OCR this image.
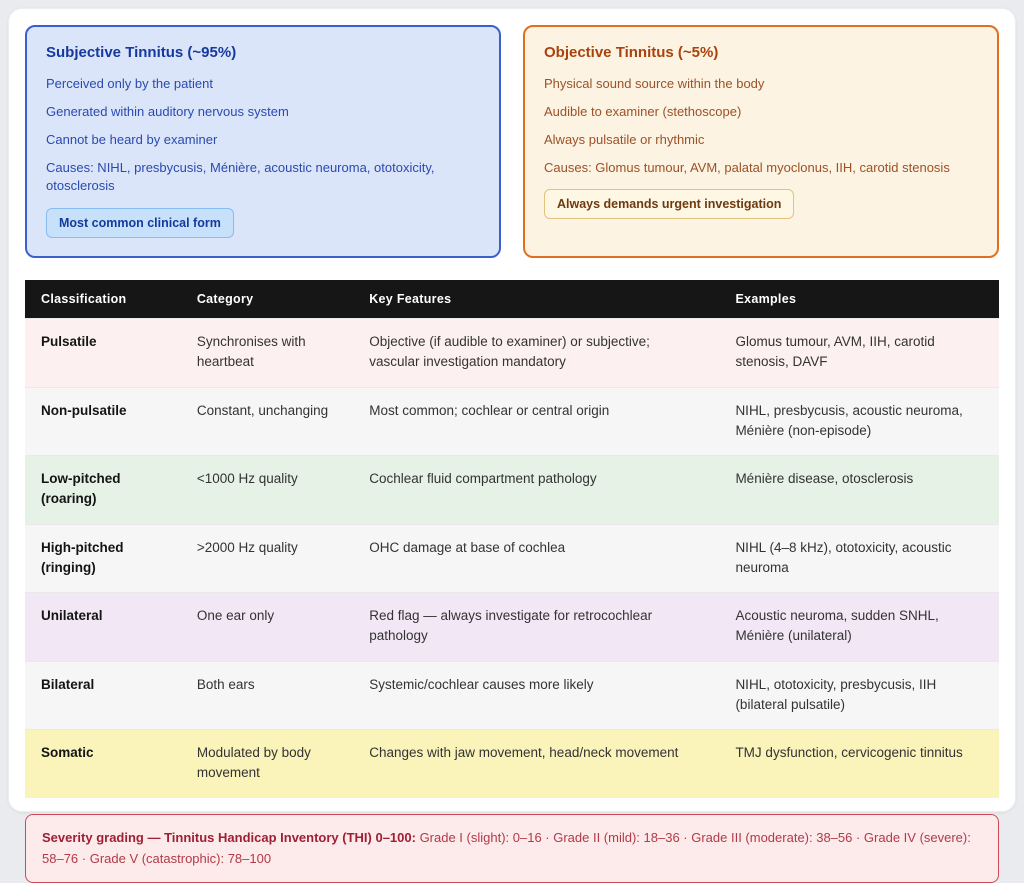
Subjective Tinnitus (~95%)

Perceived only by the patient

Generated within auditory nervous system

Cannot be heard by examiner

Causes: NIHL, presbycusis, Ménière, acoustic neuroma, ototoxicity, otosclerosis

Most common clinical form
Objective Tinnitus (~5%)

Physical sound source within the body

Audible to examiner (stethoscope)

Always pulsatile or rhythmic

Causes: Glomus tumour, AVM, palatal myoclonus, IIH, carotid stenosis

Always demands urgent investigation
Classification	Category	Key Features	Examples
Pulsatile	Synchronises with heartbeat	Objective (if audible to examiner) or subjective; vascular investigation mandatory	Glomus tumour, AVM, IIH, carotid stenosis, DAVF
Non-pulsatile	Constant, unchanging	Most common; cochlear or central origin	NIHL, presbycusis, acoustic neuroma, Ménière (non-episode)
Low-pitched (roaring)	<1000 Hz quality	Cochlear fluid compartment pathology	Ménière disease, otosclerosis
High-pitched (ringing)	>2000 Hz quality	OHC damage at base of cochlea	NIHL (4–8 kHz), ototoxicity, acoustic neuroma
Unilateral	One ear only	Red flag — always investigate for retrocochlear pathology	Acoustic neuroma, sudden SNHL, Ménière (unilateral)
Bilateral	Both ears	Systemic/cochlear causes more likely	NIHL, ototoxicity, presbycusis, IIH (bilateral pulsatile)
Somatic	Modulated by body movement	Changes with jaw movement, head/neck movement	TMJ dysfunction, cervicogenic tinnitus
Severity grading — Tinnitus Handicap Inventory (THI) 0–100: Grade I (slight): 0–16 · Grade II (mild): 18–36 · Grade III (moderate): 38–56 · Grade IV (severe): 58–76 · Grade V (catastrophic): 78–100
